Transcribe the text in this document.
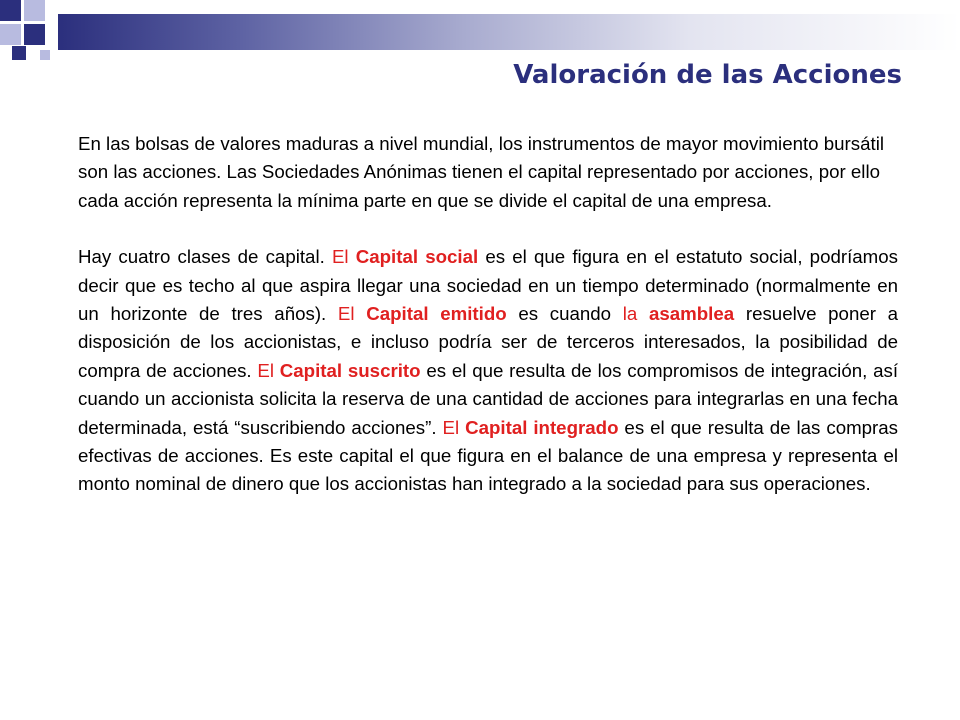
Valoración de las Acciones

En las bolsas de valores maduras a nivel mundial, los instrumentos de mayor movimiento bursátil son las acciones. Las Sociedades Anónimas tienen el capital representado por acciones, por ello cada acción representa la mínima parte en que se divide el capital de una empresa.

Hay cuatro clases de capital. El Capital social es el que figura en el estatuto social, podríamos decir que es techo al que aspira llegar una sociedad en un tiempo determinado (normalmente en un horizonte de tres años). El Capital emitido es cuando la asamblea resuelve poner a disposición de los accionistas, e incluso podría ser de terceros interesados, la posibilidad de compra de acciones. El Capital suscrito es el que resulta de los compromisos de integración, así cuando un accionista solicita la reserva de una cantidad de acciones para integrarlas en una fecha determinada, está “suscribiendo acciones”. El Capital integrado es el que resulta de las compras efectivas de acciones. Es este capital el que figura en el balance de una empresa y representa el monto nominal de dinero que los accionistas han integrado a la sociedad para sus operaciones.
